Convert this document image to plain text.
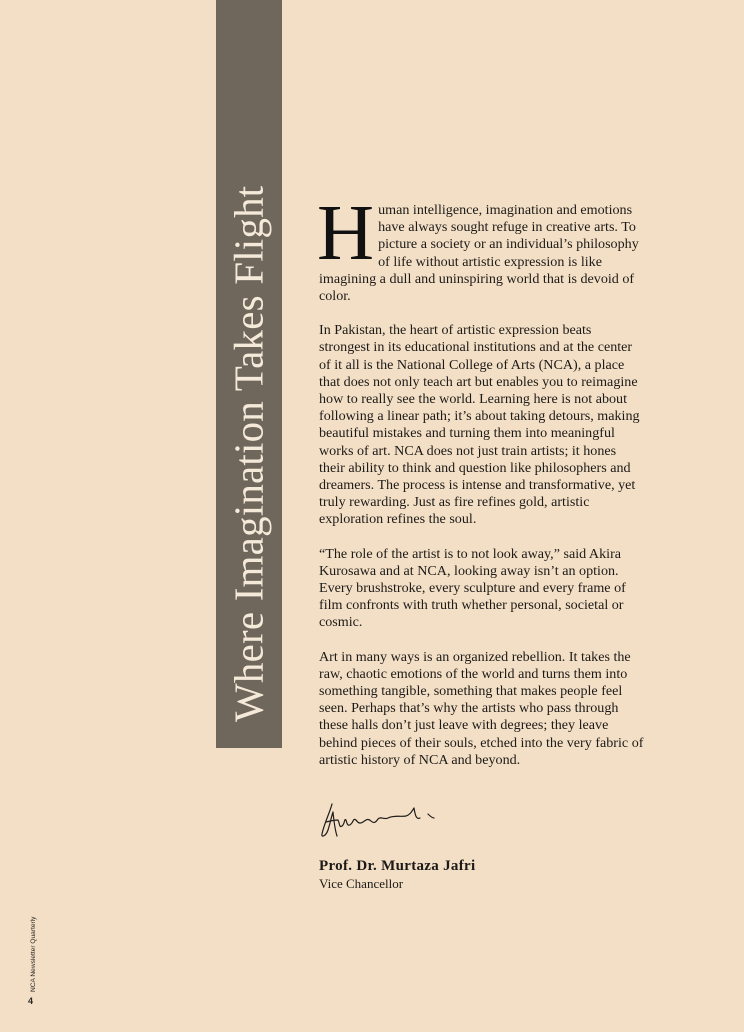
Where Imagination Takes Flight Human intelligence, imagination and emotions have always sought refuge in creative arts. To picture a society or an individual’s philosophy of life without artistic expression is like imagining a dull and uninspiring world that is devoid of color.

In Pakistan, the heart of artistic expression beats strongest in its educational institutions and at the center of it all is the National College of Arts (NCA), a place that does not only teach art but enables you to reimagine how to really see the world. Learning here is not about following a linear path; it’s about taking detours, making beautiful mistakes and turning them into meaningful works of art. NCA does not just train artists; it hones their ability to think and question like philosophers and dreamers. The process is intense and transformative, yet truly rewarding. Just as fire refines gold, artistic exploration refines the soul.

“The role of the artist is to not look away,” said Akira Kurosawa and at NCA, looking away isn’t an option. Every brushstroke, every sculpture and every frame of film confronts with truth whether personal, societal or cosmic.

Art in many ways is an organized rebellion. It takes the raw, chaotic emotions of the world and turns them into something tangible, something that makes people feel seen. Perhaps that’s why the artists who pass through these halls don’t just leave with degrees; they leave behind pieces of their souls, etched into the very fabric of artistic history of NCA and beyond.

Prof. Dr. Murtaza Jafri
Vice Chancellor
NCA Newsletter Quarterly
4
